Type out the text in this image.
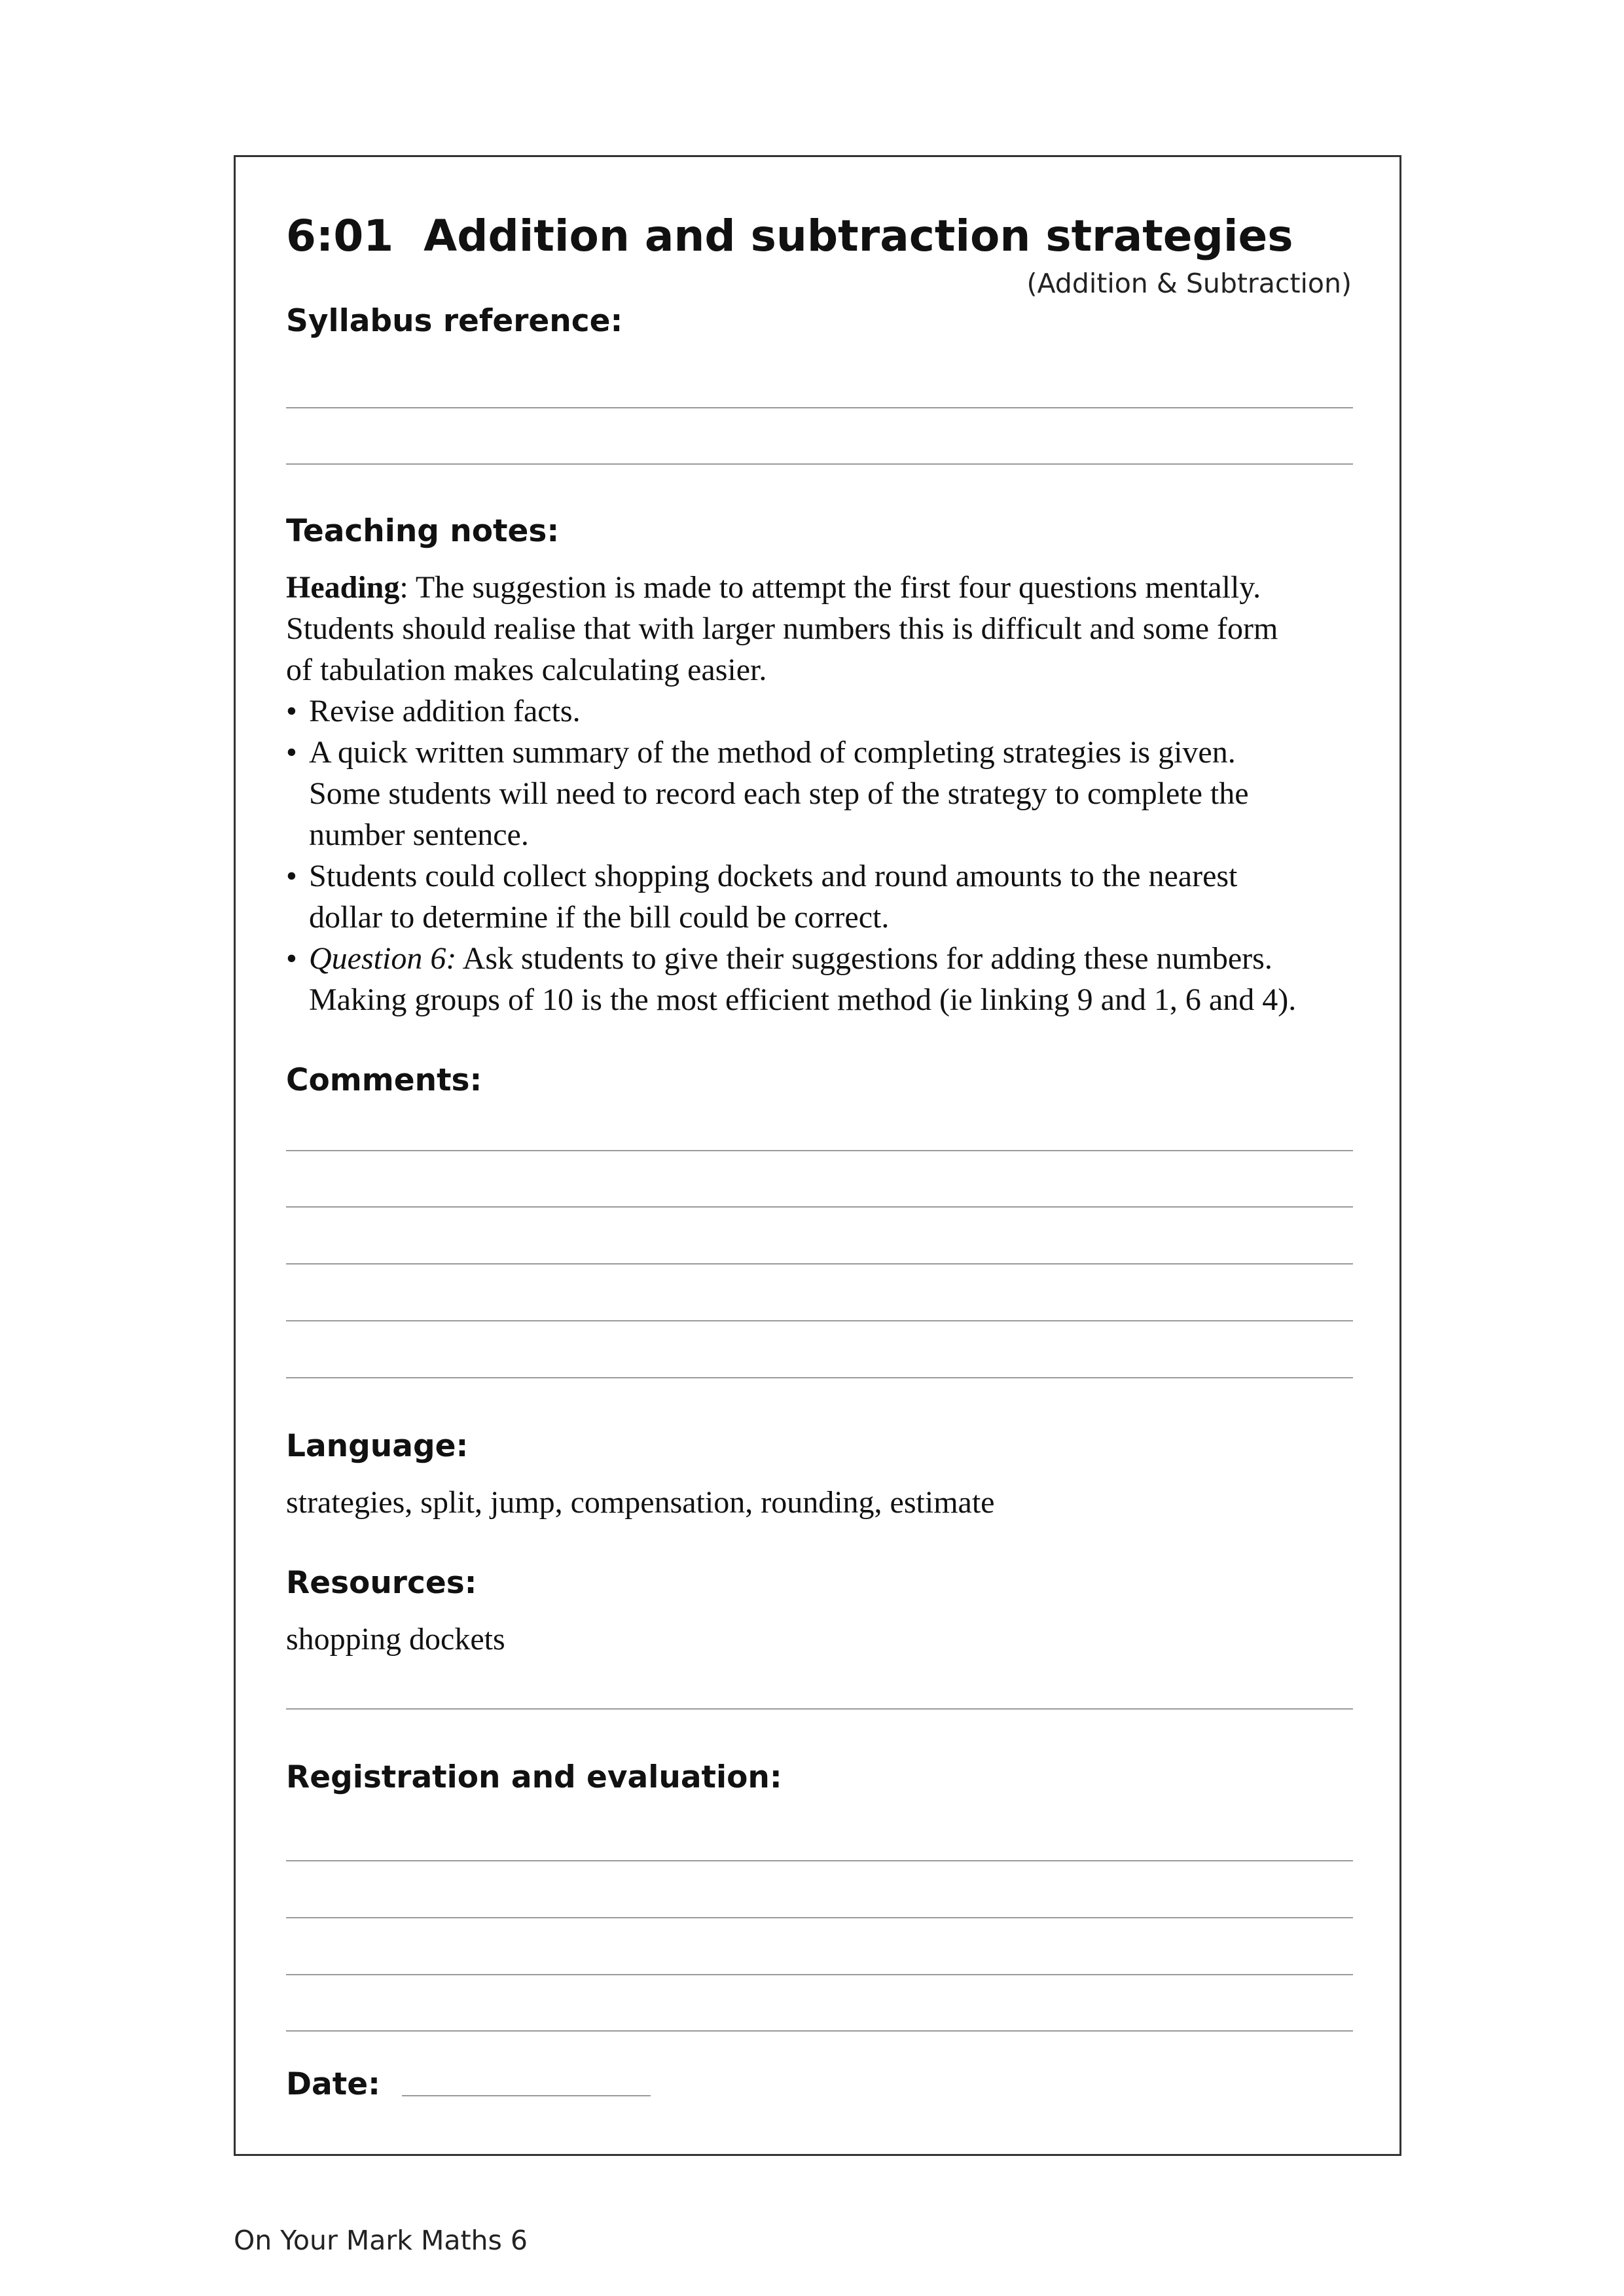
6:01 Addition and subtraction strategies
(Addition & Subtraction)
Syllabus reference:
Teaching notes:

Heading: The suggestion is made to attempt the first four questions mentally.
Students should realise that with larger numbers this is difficult and some form
of tabulation makes calculating easier.

• Revise addition facts.
• A quick written summary of the method of completing strategies is given.
Some students will need to record each step of the strategy to complete the
number sentence.
• Students could collect shopping dockets and round amounts to the nearest
dollar to determine if the bill could be correct.
• Question 6: Ask students to give their suggestions for adding these numbers.
Making groups of 10 is the most efficient method (ie linking 9 and 1, 6 and 4).
Comments:
Language:
strategies, split, jump, compensation, rounding, estimate
Resources:
shopping dockets
Registration and evaluation:
Date:
On Your Mark Maths 6
